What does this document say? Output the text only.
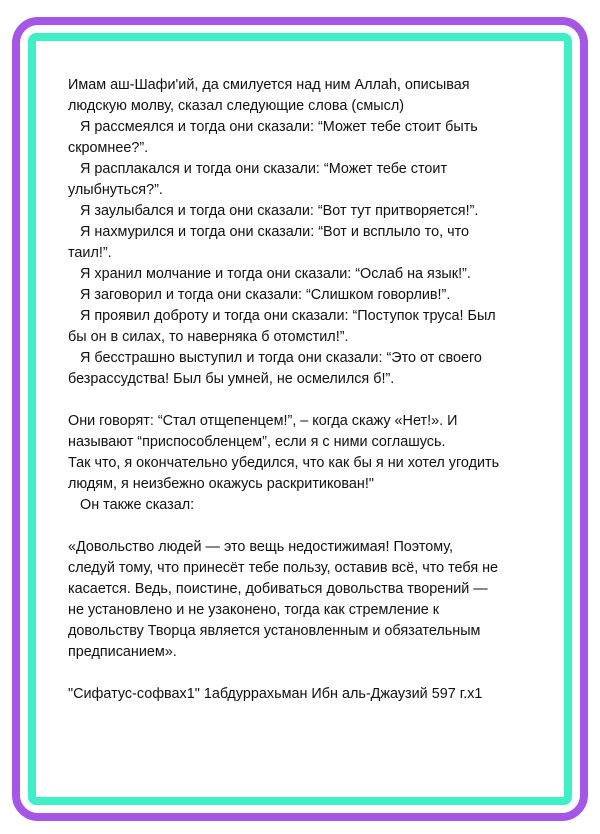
Имам аш-Шафи'ий, да смилуется над ним Аллаh, описывая
людскую молву, сказал следующие слова (смысл)
Я рассмеялся и тогда они сказали: “Может тебе стоит быть
скромнее?”.
Я расплакался и тогда они сказали: “Может тебе стоит
улыбнуться?”.
Я заулыбался и тогда они сказали: “Вот тут притворяется!”.
Я нахмурился и тогда они сказали: “Вот и всплыло то, что
таил!”.
Я хранил молчание и тогда они сказали: “Ослаб на язык!”.
Я заговорил и тогда они сказали: “Слишком говорлив!”.
Я проявил доброту и тогда они сказали: “Поступок труса! Был
бы он в силах, то наверняка б отомстил!”.
Я бесстрашно выступил и тогда они сказали: “Это от своего
безрассудства! Был бы умней, не осмелился б!”.
Они говорят: “Стал отщепенцем!”, – когда скажу «Нет!». И
называют “приспособленцем”, если я с ними соглашусь.
Так что, я окончательно убедился, что как бы я ни хотел угодить
людям, я неизбежно окажусь раскритикован!"
Он также сказал:
«Довольство людей — это вещь недостижимая! Поэтому,
следуй тому, что принесёт тебе пользу, оставив всё, что тебя не
касается. Ведь, поистине, добиваться довольства творений —
не установлено и не узаконено, тогда как стремление к
довольству Творца является установленным и обязательным
предписанием».
"Сифатус-софвах1" 1абдуррахьман Ибн аль-Джаузий 597 г.х1
